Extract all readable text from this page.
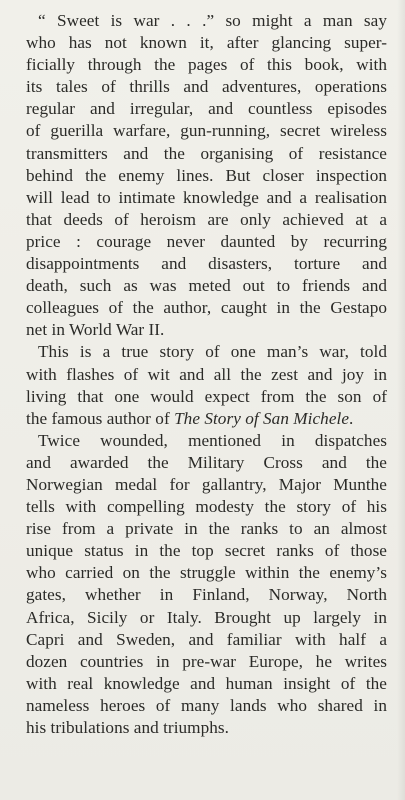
“ Sweet is war . . .” so might a man say
who has not known it, after glancing super-
ficially through the pages of this book, with
its tales of thrills and adventures, operations
regular and irregular, and countless episodes
of guerilla warfare, gun-running, secret wireless
transmitters and the organising of resistance
behind the enemy lines. But closer inspection
will lead to intimate knowledge and a realisation
that deeds of heroism are only achieved at a
price : courage never daunted by recurring
disappointments and disasters, torture and
death, such as was meted out to friends and
colleagues of the author, caught in the Gestapo
net in World War II.
This is a true story of one man’s war, told
with flashes of wit and all the zest and joy in
living that one would expect from the son of
the famous author of The Story of San Michele.
Twice wounded, mentioned in dispatches
and awarded the Military Cross and the
Norwegian medal for gallantry, Major Munthe
tells with compelling modesty the story of his
rise from a private in the ranks to an almost
unique status in the top secret ranks of those
who carried on the struggle within the enemy’s
gates, whether in Finland, Norway, North
Africa, Sicily or Italy. Brought up largely in
Capri and Sweden, and familiar with half a
dozen countries in pre-war Europe, he writes
with real knowledge and human insight of the
nameless heroes of many lands who shared in
his tribulations and triumphs.
